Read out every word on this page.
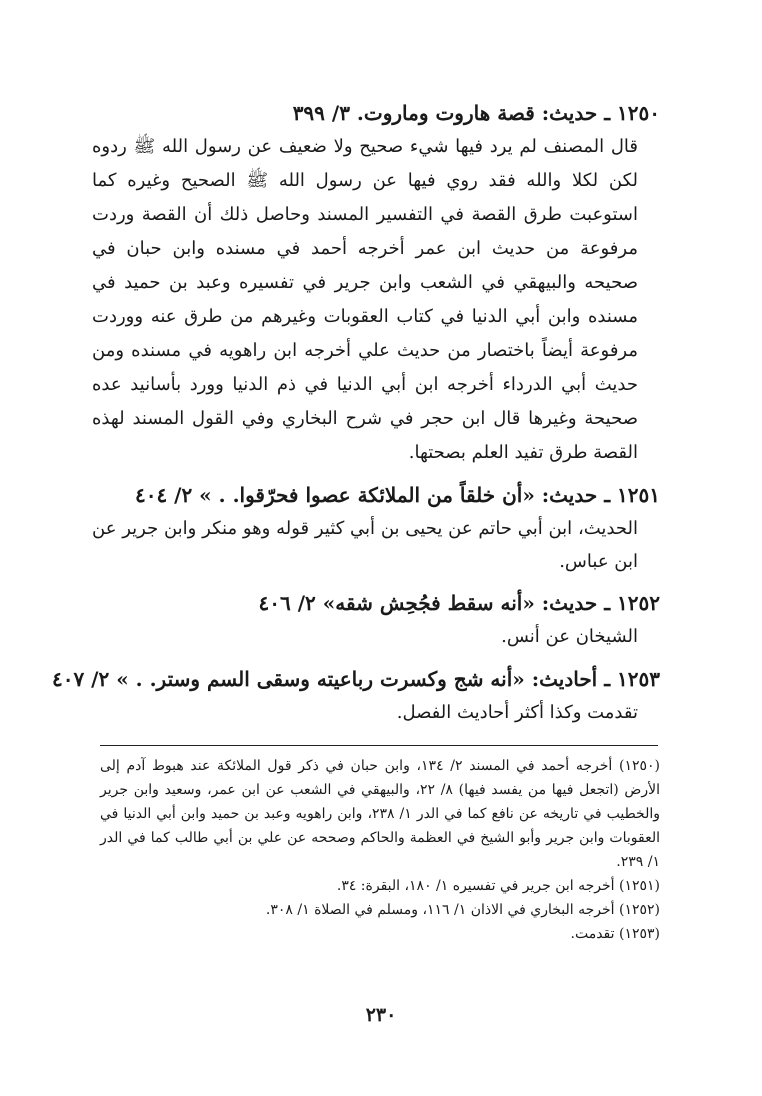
١٢٥٠ ـ حديث: قصة هاروت وماروت. ٣/ ٣٩٩
قال المصنف لم يرد فيها شيء صحيح ولا ضعيف عن رسول الله ﷺ ردوه لكن لكلا والله فقد روي فيها عن رسول الله ﷺ الصحيح وغيره كما استوعبت طرق القصة في التفسير المسند وحاصل ذلك أن القصة وردت مرفوعة من حديث ابن عمر أخرجه أحمد في مسنده وابن حبان في صحيحه والبيهقي في الشعب وابن جرير في تفسيره وعبد بن حميد في مسنده وابن أبي الدنيا في كتاب العقوبات وغيرهم من طرق عنه ووردت مرفوعة أيضاً باختصار من حديث علي أخرجه ابن راهويه في مسنده ومن حديث أبي الدرداء أخرجه ابن أبي الدنيا في ذم الدنيا وورد بأسانيد عده صحيحة وغيرها قال ابن حجر في شرح البخاري وفي القول المسند لهذه القصة طرق تفيد العلم بصحتها.
١٢٥١ ـ حديث: «أن خلقاً من الملائكة عصوا فحرّقوا. . » ٢/ ٤٠٤
الحديث، ابن أبي حاتم عن يحيى بن أبي كثير قوله وهو منكر وابن جرير عن ابن عباس.
١٢٥٢ ـ حديث: «أنه سقط فجُحِش شقه» ٢/ ٤٠٦
الشيخان عن أنس.
١٢٥٣ ـ أحاديث: «أنه شج وكسرت رباعيته وسقى السم وستر. . » ٢/ ٤٠٧
تقدمت وكذا أكثر أحاديث الفصل.

(١٢٥٠) أخرجه أحمد في المسند ٢/ ١٣٤، وابن حبان في ذكر قول الملائكة عند هبوط آدم إلى الأرض (اتجعل فيها من يفسد فيها) ٨/ ٢٢، والبيهقي في الشعب عن ابن عمر، وسعيد وابن جرير والخطيب في تاريخه عن نافع كما في الدر ١/ ٢٣٨، وابن راهويه وعبد بن حميد وابن أبي الدنيا في العقوبات وابن جرير وأبو الشيخ في العظمة والحاكم وصححه عن علي بن أبي طالب كما في الدر ١/ ٢٣٩.

(١٢٥١) أخرجه ابن جرير في تفسيره ١/ ١٨٠، البقرة: ٣٤.

(١٢٥٢) أخرجه البخاري في الاذان ١/ ١١٦، ومسلم في الصلاة ١/ ٣٠٨.

(١٢٥٣) تقدمت.

٢٣٠
